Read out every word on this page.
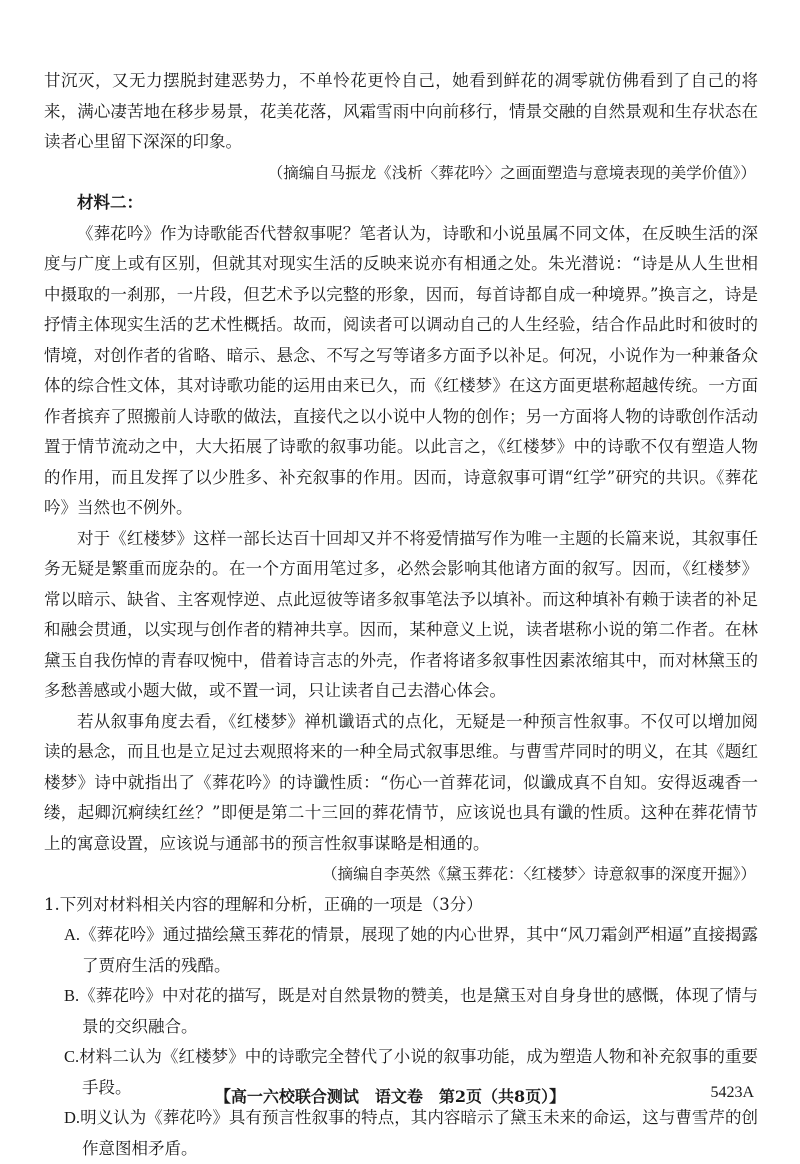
甘沉灭，又无力摆脱封建恶势力，不单怜花更怜自己，她看到鲜花的凋零就仿佛看到了自己的将来，满心凄苦地在移步易景，花美花落，风霜雪雨中向前移行，情景交融的自然景观和生存状态在读者心里留下深深的印象。

（摘编自马振龙《浅析〈葬花吟〉之画面塑造与意境表现的美学价值》）

材料二：

《葬花吟》作为诗歌能否代替叙事呢？笔者认为，诗歌和小说虽属不同文体，在反映生活的深度与广度上或有区别，但就其对现实生活的反映来说亦有相通之处。朱光潜说：“诗是从人生世相中摄取的一刹那，一片段，但艺术予以完整的形象，因而，每首诗都自成一种境界。”换言之，诗是抒情主体现实生活的艺术性概括。故而，阅读者可以调动自己的人生经验，结合作品此时和彼时的情境，对创作者的省略、暗示、悬念、不写之写等诸多方面予以补足。何况，小说作为一种兼备众体的综合性文体，其对诗歌功能的运用由来已久，而《红楼梦》在这方面更堪称超越传统。一方面作者摈弃了照搬前人诗歌的做法，直接代之以小说中人物的创作；另一方面将人物的诗歌创作活动置于情节流动之中，大大拓展了诗歌的叙事功能。以此言之，《红楼梦》中的诗歌不仅有塑造人物的作用，而且发挥了以少胜多、补充叙事的作用。因而，诗意叙事可谓“红学”研究的共识。《葬花吟》当然也不例外。

对于《红楼梦》这样一部长达百十回却又并不将爱情描写作为唯一主题的长篇来说，其叙事任务无疑是繁重而庞杂的。在一个方面用笔过多，必然会影响其他诸方面的叙写。因而，《红楼梦》常以暗示、缺省、主客观悖逆、点此逗彼等诸多叙事笔法予以填补。而这种填补有赖于读者的补足和融会贯通，以实现与创作者的精神共享。因而，某种意义上说，读者堪称小说的第二作者。在林黛玉自我伤悼的青春叹惋中，借着诗言志的外壳，作者将诸多叙事性因素浓缩其中，而对林黛玉的多愁善感或小题大做，或不置一词，只让读者自己去潜心体会。

若从叙事角度去看，《红楼梦》禅机谶语式的点化，无疑是一种预言性叙事。不仅可以增加阅读的悬念，而且也是立足过去观照将来的一种全局式叙事思维。与曹雪芹同时的明义，在其《题红楼梦》诗中就指出了《葬花吟》的诗谶性质：“伤心一首葬花词，似谶成真不自知。安得返魂香一缕，起卿沉痾续红丝？”即便是第二十三回的葬花情节，应该说也具有谶的性质。这种在葬花情节上的寓意设置，应该说与通部书的预言性叙事谋略是相通的。

（摘编自李英然《黛玉葬花：〈红楼梦〉诗意叙事的深度开掘》）

1.下列对材料相关内容的理解和分析，正确的一项是（3分）

A.《葬花吟》通过描绘黛玉葬花的情景，展现了她的内心世界，其中“风刀霜剑严相逼”直接揭露了贾府生活的残酷。

B.《葬花吟》中对花的描写，既是对自然景物的赞美，也是黛玉对自身身世的感慨，体现了情与景的交织融合。

C.材料二认为《红楼梦》中的诗歌完全替代了小说的叙事功能，成为塑造人物和补充叙事的重要手段。

D.明义认为《葬花吟》具有预言性叙事的特点，其内容暗示了黛玉未来的命运，这与曹雪芹的创作意图相矛盾。

【高一六校联合测试　语文卷　第2页（共8页）】	5423A
